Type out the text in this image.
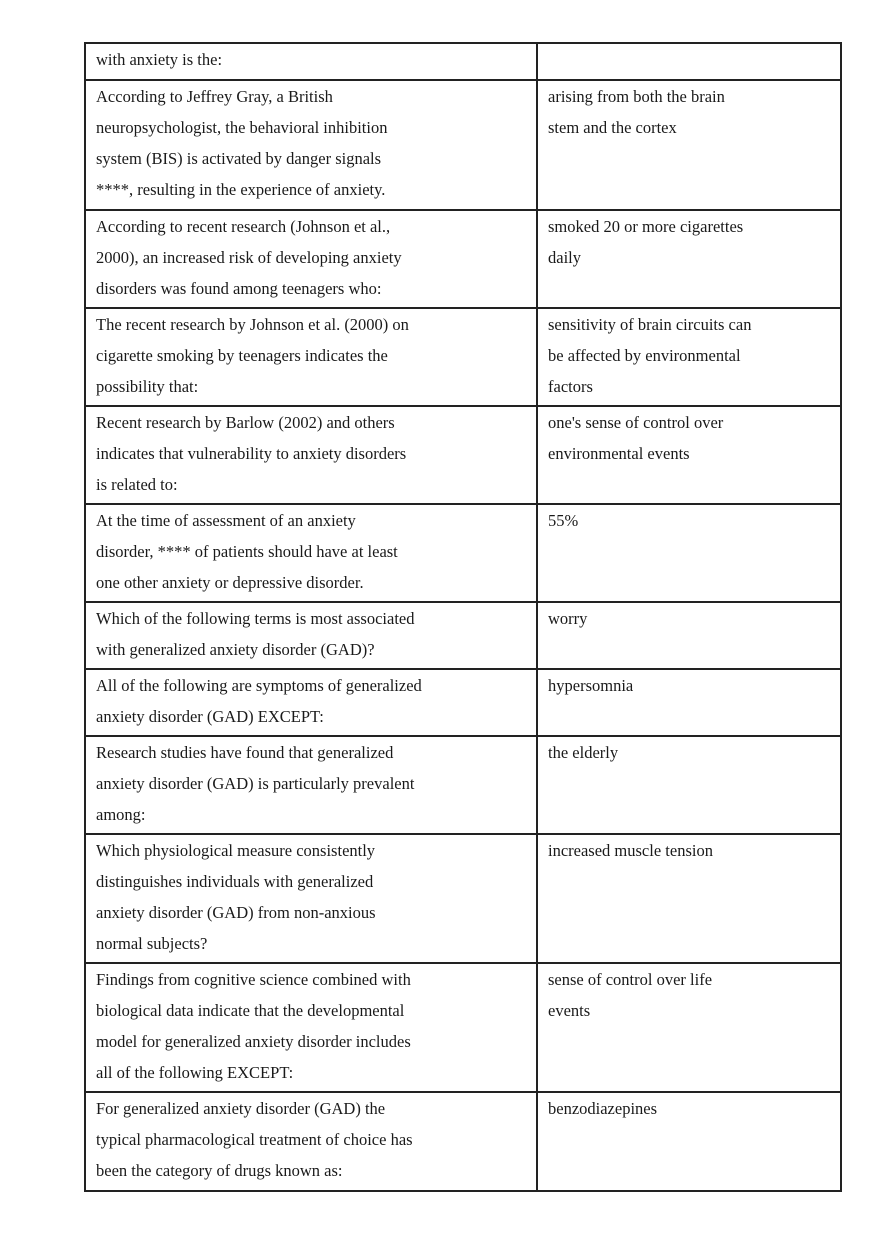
with anxiety is the:	

According to Jeffrey Gray, a British
neuropsychologist, the behavioral inhibition
system (BIS) is activated by danger signals
****, resulting in the experience of anxiety.	arising from both the brain
stem and the cortex

According to recent research (Johnson et al.,
2000), an increased risk of developing anxiety
disorders was found among teenagers who:	smoked 20 or more cigarettes
daily

The recent research by Johnson et al. (2000) on
cigarette smoking by teenagers indicates the
possibility that:	sensitivity of brain circuits can
be affected by environmental
factors

Recent research by Barlow (2002) and others
indicates that vulnerability to anxiety disorders
is related to:	one's sense of control over
environmental events

At the time of assessment of an anxiety
disorder, **** of patients should have at least
one other anxiety or depressive disorder.	55%

Which of the following terms is most associated
with generalized anxiety disorder (GAD)?	worry

All of the following are symptoms of generalized
anxiety disorder (GAD) EXCEPT:	hypersomnia

Research studies have found that generalized
anxiety disorder (GAD) is particularly prevalent
among:	the elderly

Which physiological measure consistently
distinguishes individuals with generalized
anxiety disorder (GAD) from non-anxious
normal subjects?	increased muscle tension

Findings from cognitive science combined with
biological data indicate that the developmental
model for generalized anxiety disorder includes
all of the following EXCEPT:	sense of control over life
events

For generalized anxiety disorder (GAD) the
typical pharmacological treatment of choice has
been the category of drugs known as:	benzodiazepines
